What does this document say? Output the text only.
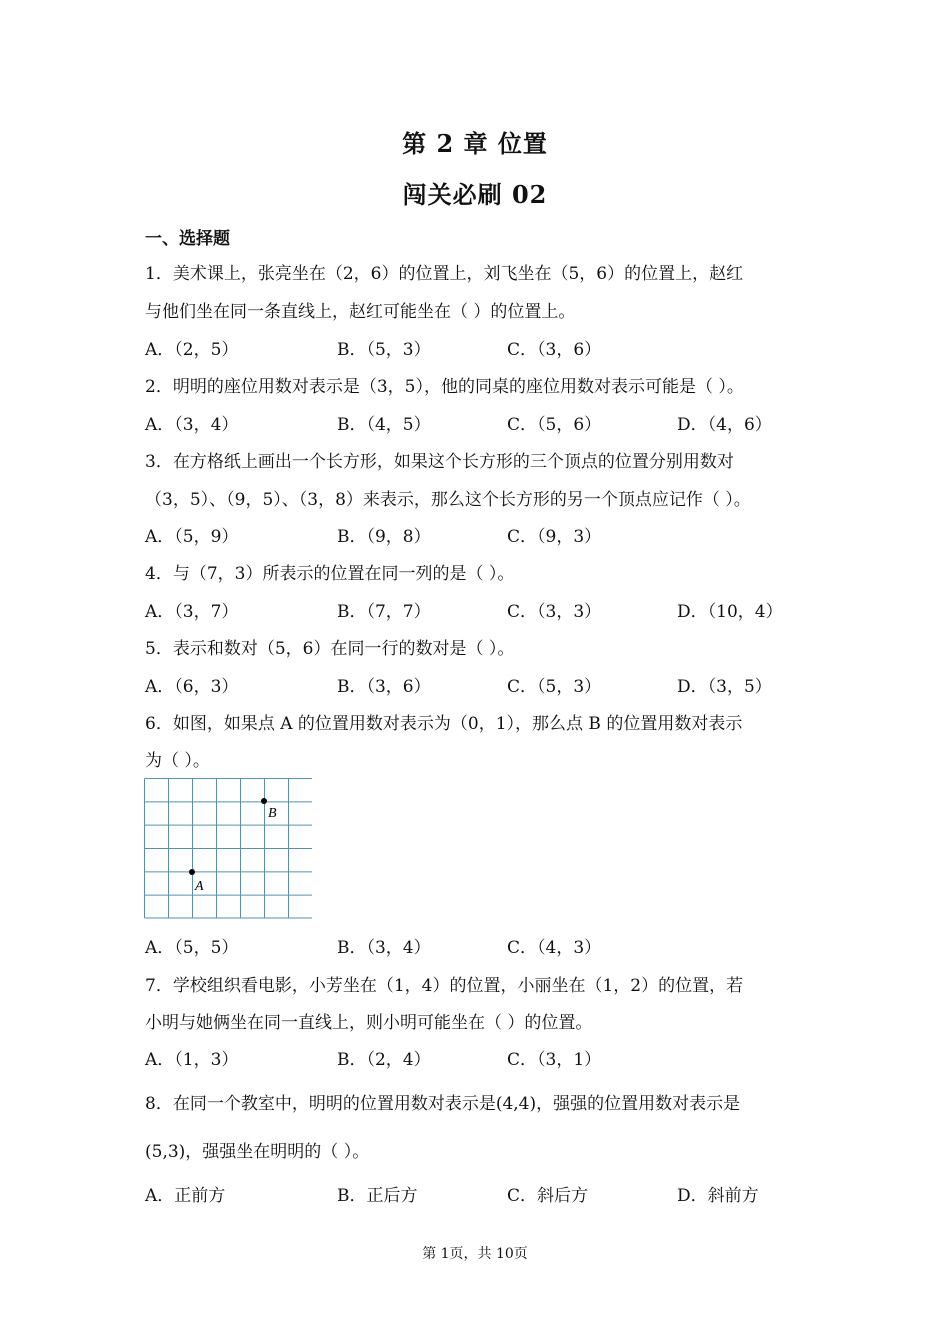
第 2 章 位置
闯关必刷 02
一、选择题
1．美术课上，张亮坐在（2，6）的位置上，刘飞坐在（5，6）的位置上，赵红
与他们坐在同一条直线上，赵红可能坐在（ ）的位置上。
A．（2，5）	B．（5，3）	C．（3，6）
2．明明的座位用数对表示是（3，5），他的同桌的座位用数对表示可能是（ ）。
A．（3，4）	B．（4，5）	C．（5，6）	D．（4，6）
3．在方格纸上画出一个长方形，如果这个长方形的三个顶点的位置分别用数对
（3，5）、（9，5）、（3，8）来表示，那么这个长方形的另一个顶点应记作（ ）。
A．（5，9）	B．（9，8）	C．（9，3）
4．与（7，3）所表示的位置在同一列的是（ ）。
A．（3，7）	B．（7，7）	C．（3，3）	D．（10，4）
5．表示和数对（5，6）在同一行的数对是（ ）。
A．（6，3）	B．（3，6）	C．（5，3）	D．（3，5）
6．如图，如果点 A 的位置用数对表示为（0，1），那么点 B 的位置用数对表示
为（ ）。
B
A
A．（5，5）	B．（3，4）	C．（4，3）
7．学校组织看电影，小芳坐在（1，4）的位置，小丽坐在（1，2）的位置，若
小明与她俩坐在同一直线上，则小明可能坐在（ ）的位置。
A．（1，3）	B．（2，4）	C．（3，1）
8．在同一个教室中，明明的位置用数对表示是(4,4)，强强的位置用数对表示是
(5,3)，强强坐在明明的（ ）。
A．正前方	B．正后方	C．斜后方	D．斜前方
第 1页，共 10页
